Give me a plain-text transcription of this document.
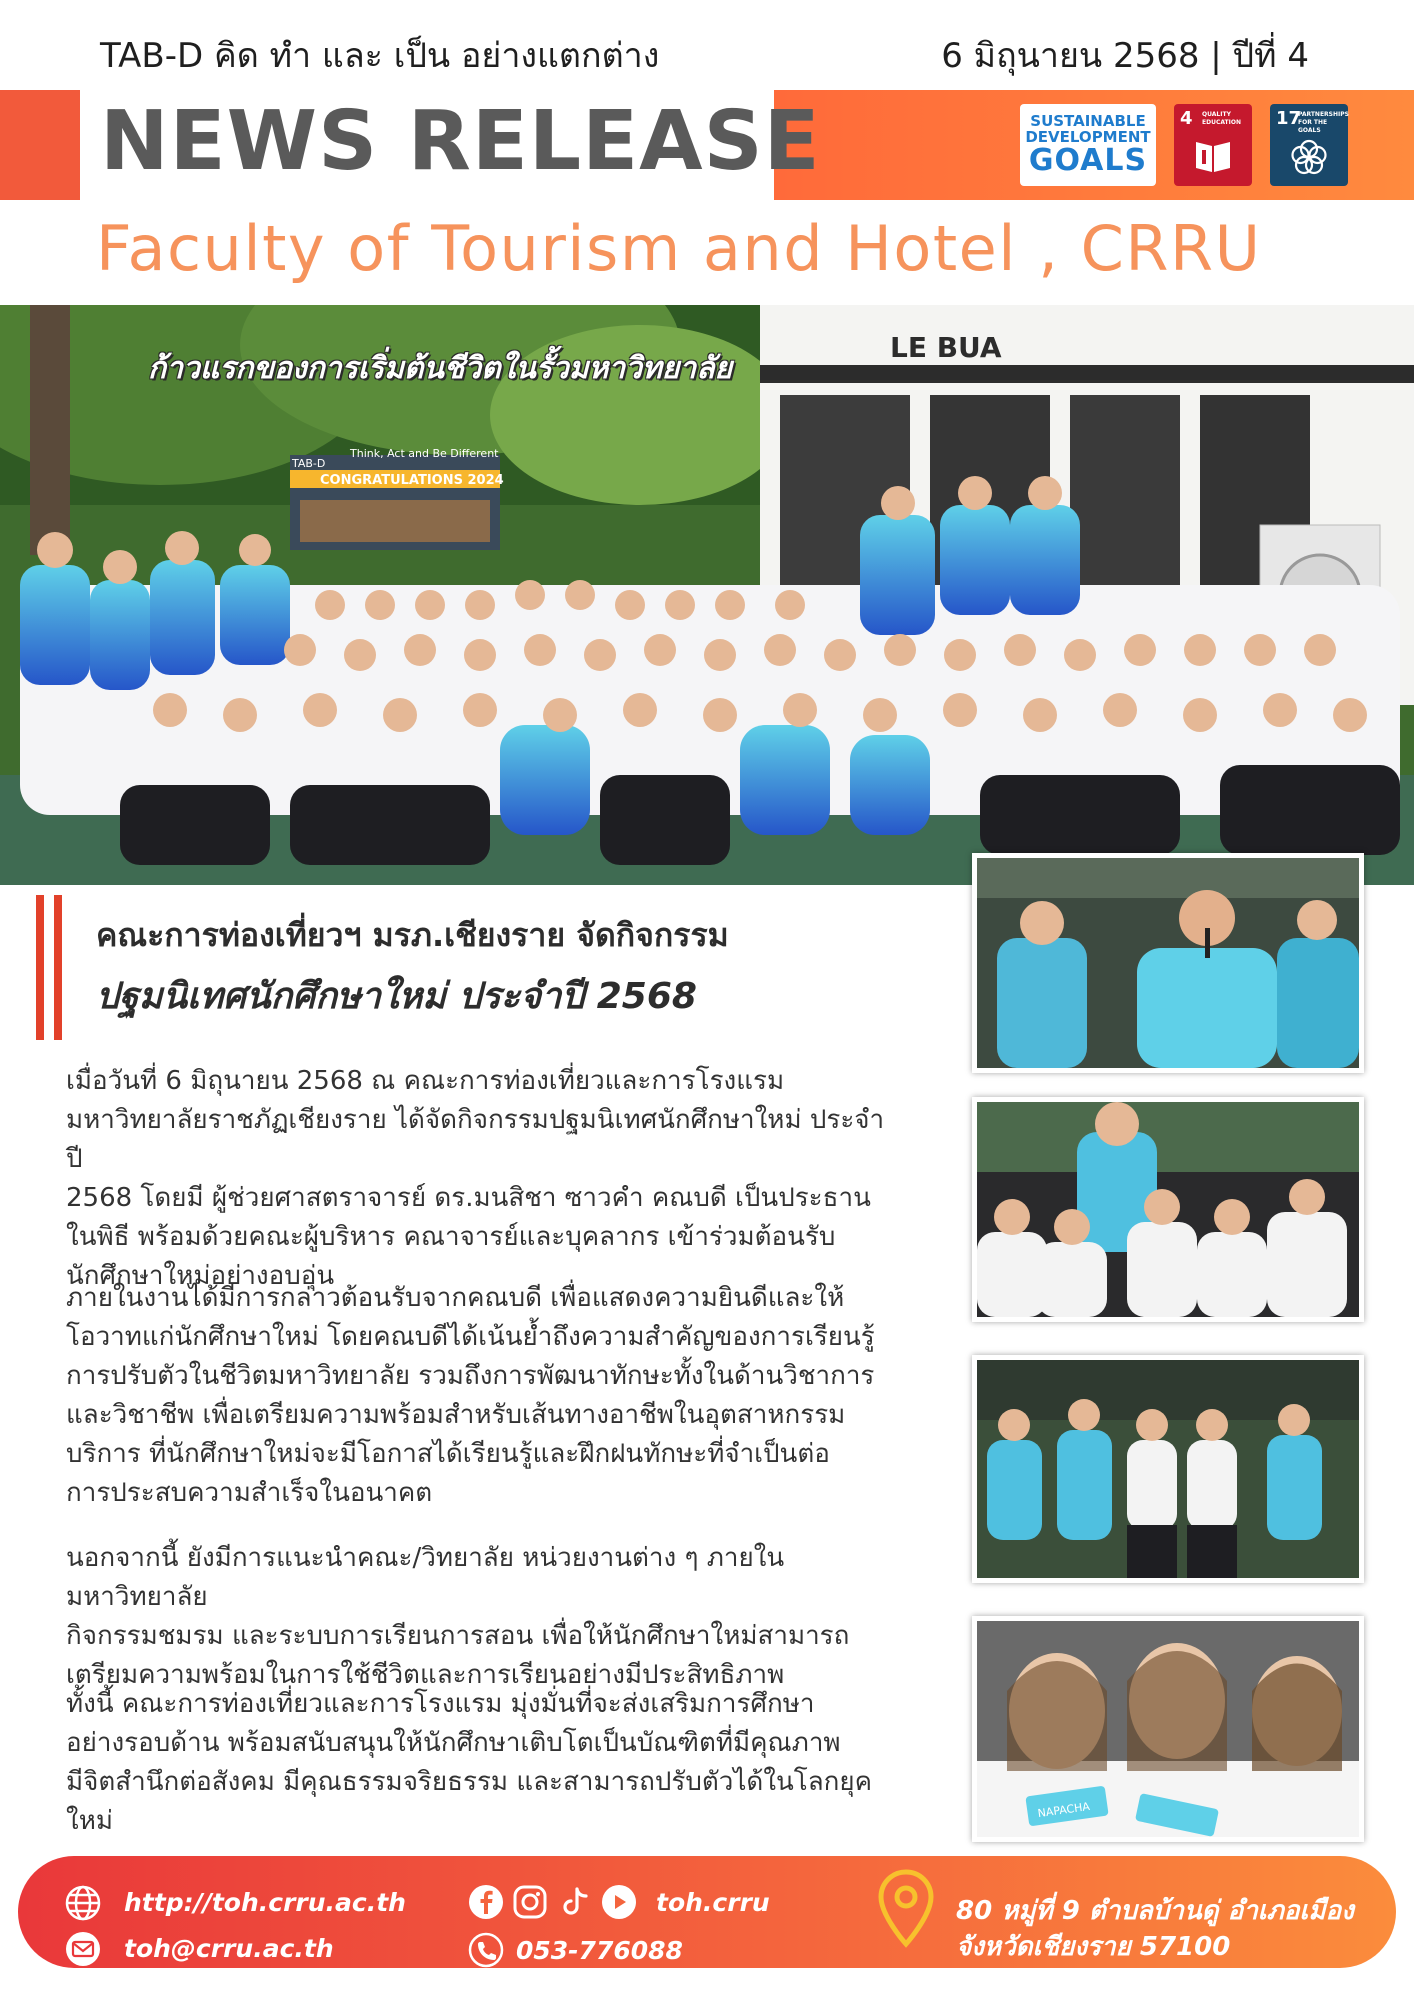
TAB-D คิด ทำ และ เป็น อย่างแตกต่าง	6 มิถุนายน 2568 | ปีที่ 4
NEWS RELEASE	SUSTAINABLE
DEVELOPMENT
GOALS
4 QUALITY EDUCATION	17
PARTNERSHIPS FOR THE GOALS
Faculty of Tourism and Hotel , CRRU
TAB-D
Think, Act and Be Different
CONGRATULATIONS 2024
LE BUA
ก้าวแรกของการเริ่มต้นชีวิตในรั้วมหาวิทยาลัย
คณะการท่องเที่ยวฯ มรภ.เชียงราย จัดกิจกรรม
ปฐมนิเทศนักศึกษาใหม่ ประจำปี 2568
เมื่อวันที่ 6 มิถุนายน 2568 ณ คณะการท่องเที่ยวและการโรงแรม
มหาวิทยาลัยราชภัฏเชียงราย ได้จัดกิจกรรมปฐมนิเทศนักศึกษาใหม่ ประจำปี
2568 โดยมี ผู้ช่วยศาสตราจารย์ ดร.มนสิชา ซาวคำ คณบดี เป็นประธาน
ในพิธี พร้อมด้วยคณะผู้บริหาร คณาจารย์และบุคลากร เข้าร่วมต้อนรับ
นักศึกษาใหม่อย่างอบอุ่น
ภายในงานได้มีการกล่าวต้อนรับจากคณบดี เพื่อแสดงความยินดีและให้
โอวาทแก่นักศึกษาใหม่ โดยคณบดีได้เน้นย้ำถึงความสำคัญของการเรียนรู้
การปรับตัวในชีวิตมหาวิทยาลัย รวมถึงการพัฒนาทักษะทั้งในด้านวิชาการ
และวิชาชีพ เพื่อเตรียมความพร้อมสำหรับเส้นทางอาชีพในอุตสาหกรรม
บริการ ที่นักศึกษาใหม่จะมีโอกาสได้เรียนรู้และฝึกฝนทักษะที่จำเป็นต่อ
การประสบความสำเร็จในอนาคต
นอกจากนี้ ยังมีการแนะนำคณะ/วิทยาลัย หน่วยงานต่าง ๆ ภายในมหาวิทยาลัย
กิจกรรมชมรม และระบบการเรียนการสอน เพื่อให้นักศึกษาใหม่สามารถ
เตรียมความพร้อมในการใช้ชีวิตและการเรียนอย่างมีประสิทธิภาพ
ทั้งนี้ คณะการท่องเที่ยวและการโรงแรม มุ่งมั่นที่จะส่งเสริมการศึกษา
อย่างรอบด้าน พร้อมสนับสนุนให้นักศึกษาเติบโตเป็นบัณฑิตที่มีคุณภาพ
มีจิตสำนึกต่อสังคม มีคุณธรรมจริยธรรม และสามารถปรับตัวได้ในโลกยุคใหม่	NAPACHA
http://toh.crru.ac.th
toh@crru.ac.th
toh.crru
053-776088
80 หมู่ที่ 9 ตำบลบ้านดู่ อำเภอเมือง
จังหวัดเชียงราย 57100
